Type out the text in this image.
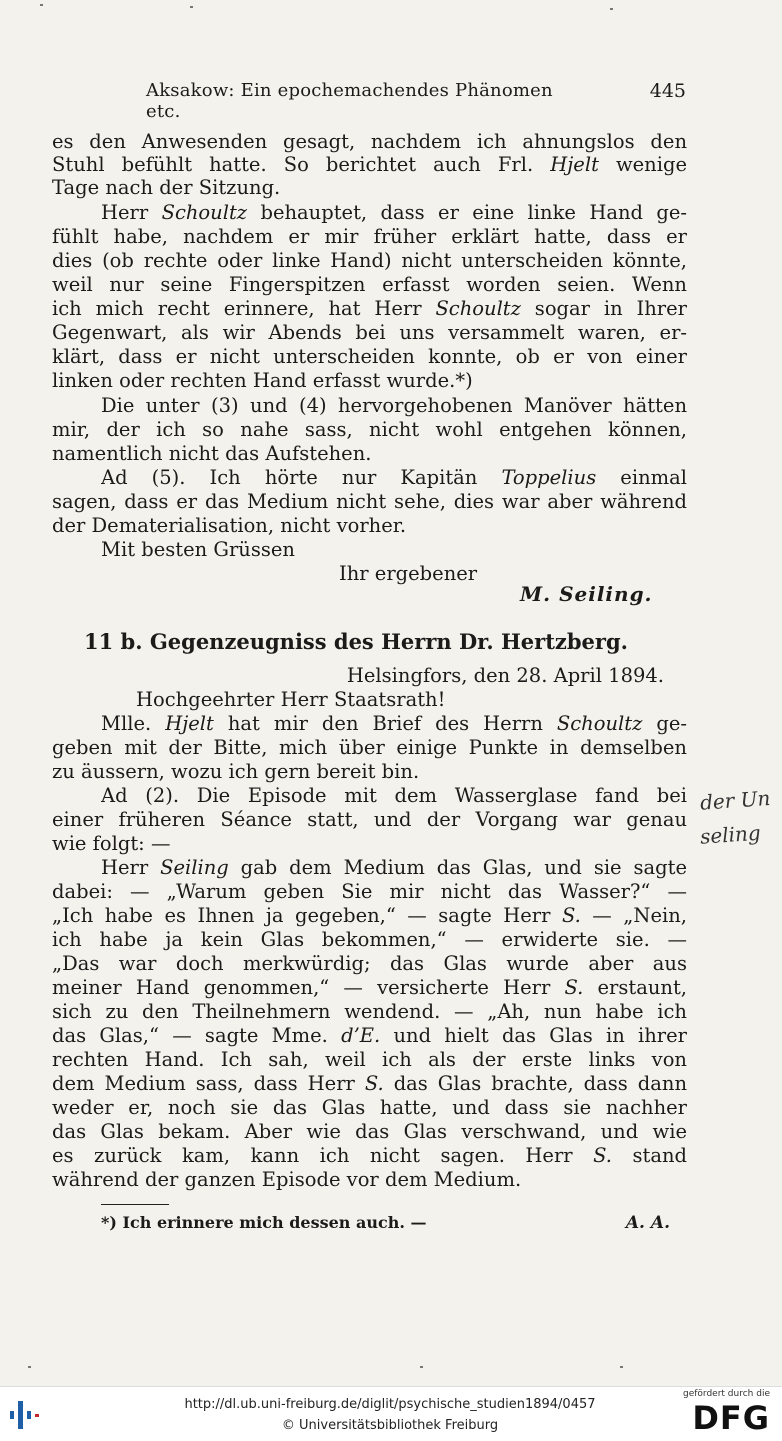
Aksakow: Ein epochemachendes Phänomen etc.
445
es den Anwesenden gesagt, nachdem ich ahnungslos den
Stuhl befühlt hatte. So berichtet auch Frl. Hjelt wenige
Tage nach der Sitzung.
Herr Schoultz behauptet, dass er eine linke Hand ge-
fühlt habe, nachdem er mir früher erklärt hatte, dass er
dies (ob rechte oder linke Hand) nicht unterscheiden könnte,
weil nur seine Fingerspitzen erfasst worden seien. Wenn
ich mich recht erinnere, hat Herr Schoultz sogar in Ihrer
Gegenwart, als wir Abends bei uns versammelt waren, er-
klärt, dass er nicht unterscheiden konnte, ob er von einer
linken oder rechten Hand erfasst wurde.*)
Die unter (3) und (4) hervorgehobenen Manöver hätten
mir, der ich so nahe sass, nicht wohl entgehen können,
namentlich nicht das Aufstehen.
Ad (5). Ich hörte nur Kapitän Toppelius einmal
sagen, dass er das Medium nicht sehe, dies war aber während
der Dematerialisation, nicht vorher.
Mit besten Grüssen
Ihr ergebener
M. Seiling.
11 b. Gegenzeugniss des Herrn Dr. Hertzberg.
Helsingfors, den 28. April 1894.
Hochgeehrter Herr Staatsrath!
Mlle. Hjelt hat mir den Brief des Herrn Schoultz ge-
geben mit der Bitte, mich über einige Punkte in demselben
zu äussern, wozu ich gern bereit bin.
Ad (2). Die Episode mit dem Wasserglase fand bei
einer früheren Séance statt, und der Vorgang war genau
wie folgt: —
Herr Seiling gab dem Medium das Glas, und sie sagte
dabei: — „Warum geben Sie mir nicht das Wasser?“ —
„Ich habe es Ihnen ja gegeben,“ — sagte Herr S. — „Nein,
ich habe ja kein Glas bekommen,“ — erwiderte sie. —
„Das war doch merkwürdig; das Glas wurde aber aus
meiner Hand genommen,“ — versicherte Herr S. erstaunt,
sich zu den Theilnehmern wendend. — „Ah, nun habe ich
das Glas,“ — sagte Mme. d’E. und hielt das Glas in ihrer
rechten Hand. Ich sah, weil ich als der erste links von
dem Medium sass, dass Herr S. das Glas brachte, dass dann
weder er, noch sie das Glas hatte, und dass sie nachher
das Glas bekam. Aber wie das Glas verschwand, und wie
es zurück kam, kann ich nicht sagen. Herr S. stand
während der ganzen Episode vor dem Medium.
der Un
seling
*) Ich erinnere mich dessen auch. —	A. A.
http://dl.ub.uni-freiburg.de/diglit/psychische_studien1894/0457
© Universitätsbibliothek Freiburg
gefördert durch die
DFG
